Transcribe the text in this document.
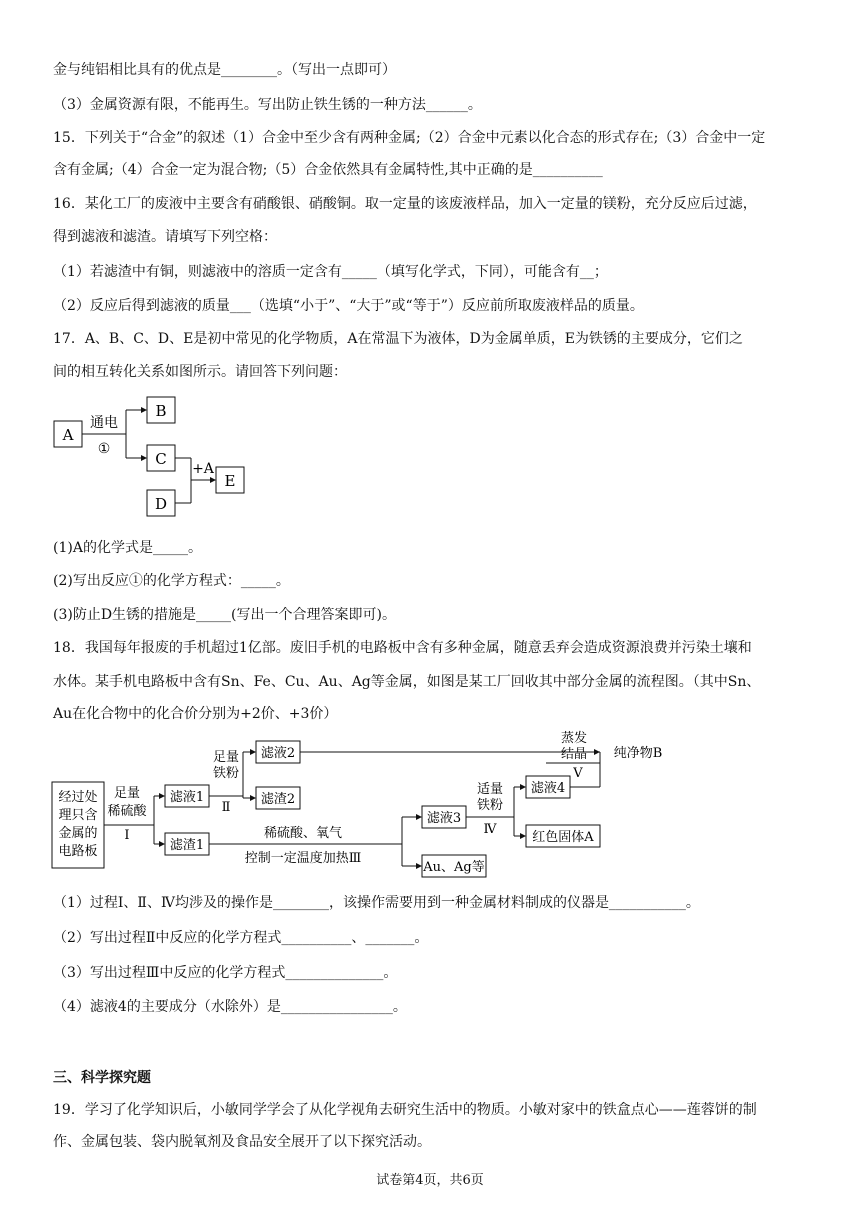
金与纯铝相比具有的优点是________。（写出一点即可）
（3）金属资源有限，不能再生。写出防止铁生锈的一种方法______。
15．下列关于“合金”的叙述（1）合金中至少含有两种金属;（2）合金中元素以化合态的形式存在;（3）合金中一定
含有金属;（4）合金一定为混合物;（5）合金依然具有金属特性,其中正确的是__________
16．某化工厂的废液中主要含有硝酸银、硝酸铜。取一定量的该废液样品，加入一定量的镁粉，充分反应后过滤，
得到滤液和滤渣。请填写下列空格：
（1）若滤渣中有铜，则滤液中的溶质一定含有_____（填写化学式，下同），可能含有__；
（2）反应后得到滤液的质量___（选填“小于”、“大于”或“等于”）反应前所取废液样品的质量。
17．A、B、C、D、E是初中常见的化学物质，A在常温下为液体，D为金属单质，E为铁锈的主要成分，它们之
间的相互转化关系如图所示。请回答下列问题：
A
B
C
D
E
通电
①
+A
(1)A的化学式是_____。
(2)写出反应①的化学方程式：_____。
(3)防止D生锈的措施是_____(写出一个合理答案即可)。
18．我国每年报废的手机超过1亿部。废旧手机的电路板中含有多种金属，随意丢弃会造成资源浪费并污染土壤和
水体。某手机电路板中含有Sn、Fe、Cu、Au、Ag等金属，如图是某工厂回收其中部分金属的流程图。（其中Sn、
Au在化合物中的化合价分别为+2价、+3价）
经过处
理只含
金属的
电路板
足量
稀硫酸
Ⅰ
滤液1
滤渣1
足量
铁粉
Ⅱ
滤液2
滤渣2
稀硫酸、氧气
控制一定温度加热Ⅲ
滤液3
Au、Ag等
适量
铁粉
Ⅳ
滤液4
红色固体A
蒸发
结晶
Ⅴ
纯净物B
（1）过程Ⅰ、Ⅱ、Ⅳ均涉及的操作是________，该操作需要用到一种金属材料制成的仪器是___________。
（2）写出过程Ⅱ中反应的化学方程式__________、_______。
（3）写出过程Ⅲ中反应的化学方程式______________。
（4）滤液4的主要成分（水除外）是________________。
三、科学探究题
19．学习了化学知识后，小敏同学学会了从化学视角去研究生活中的物质。小敏对家中的铁盒点心——莲蓉饼的制
作、金属包装、袋内脱氧剂及食品安全展开了以下探究活动。
试卷第4页，共6页
